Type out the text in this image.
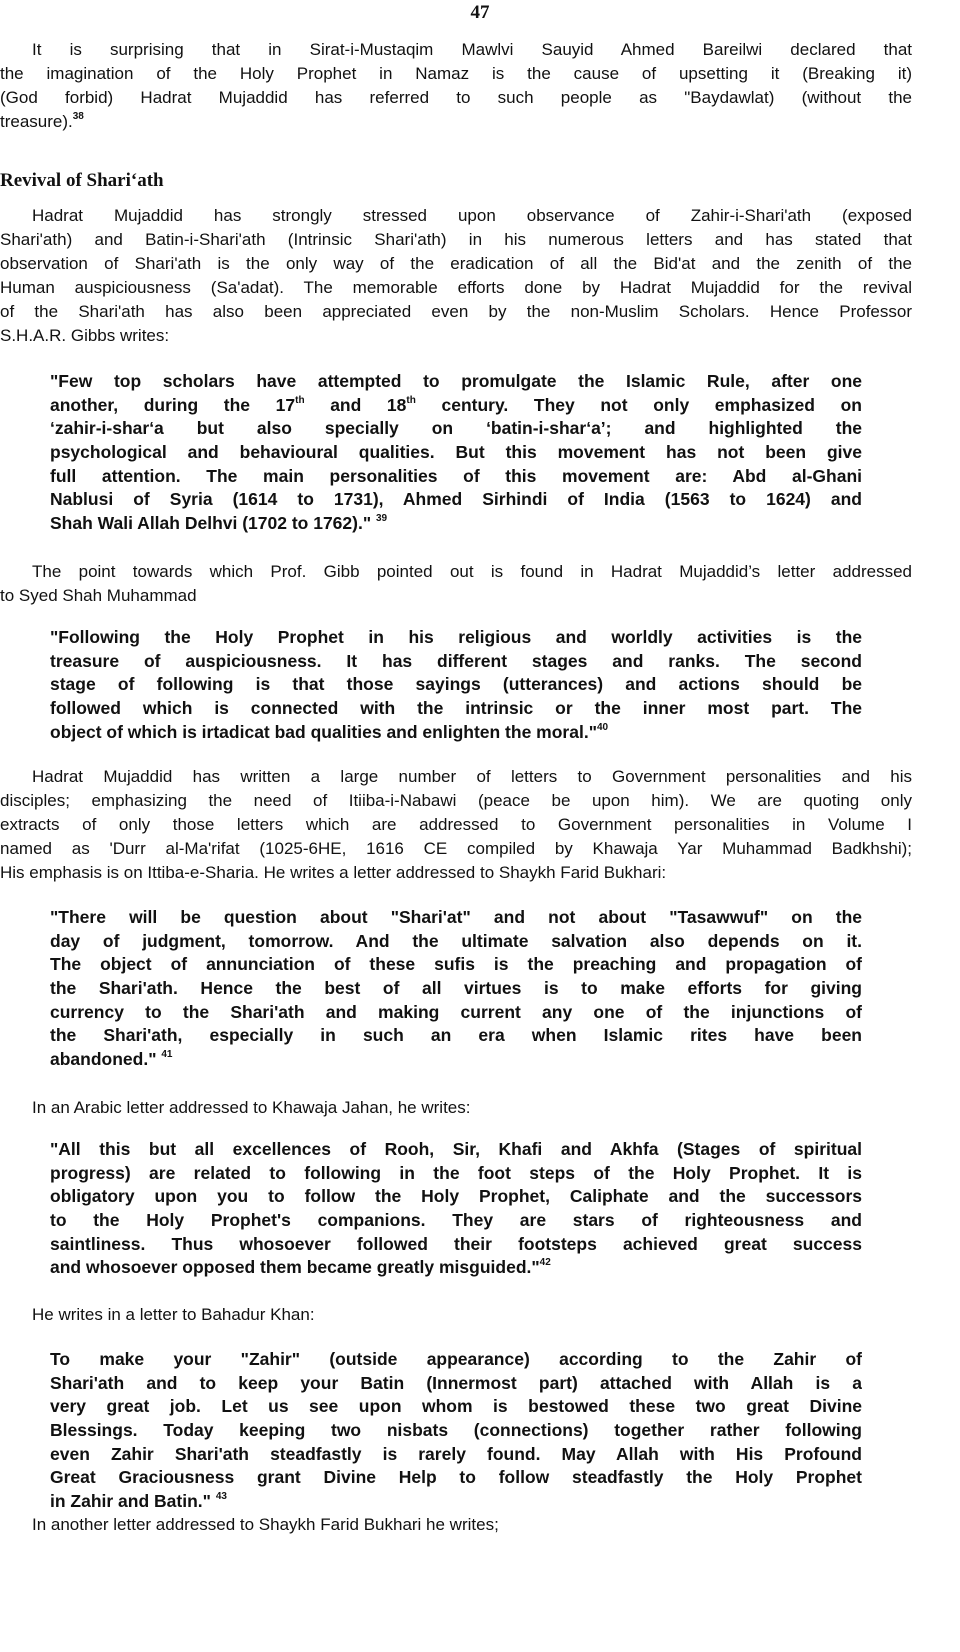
47
Revival of Shari‘ath
It is surprising that in Sirat-i-Mustaqim Mawlvi Sauyid Ahmed Bareilwi declared that
the imagination of the Holy Prophet in Namaz is the cause of upsetting it (Breaking it)
(God forbid) Hadrat Mujaddid has referred to such people as "Baydawlat) (without the
treasure).$^{38}$
Hadrat Mujaddid has strongly stressed upon observance of Zahir-i-Shari'ath (exposed
Shari'ath) and Batin-i-Shari'ath (Intrinsic Shari'ath) in his numerous letters and has stated that
observation of Shari'ath is the only way of the eradication of all the Bid'at and the zenith of the
Human auspiciousness (Sa'adat). The memorable efforts done by Hadrat Mujaddid for the revival
of the Shari'ath has also been appreciated even by the non-Muslim Scholars. Hence Professor
S.H.A.R. Gibbs writes:
"Few top scholars have attempted to promulgate the Islamic Rule, after one
another, during the 17th and 18th century. They not only emphasized on
‘zahir-i-shar‘a but also specially on ‘batin-i-shar‘a’; and highlighted the
psychological and behavioural qualities. But this movement has not been give
full attention. The main personalities of this movement are: Abd al-Ghani
Nablusi of Syria (1614 to 1731), Ahmed Sirhindi of India (1563 to 1624) and
Shah Wali Allah Delhvi (1702 to 1762)." $^{39}$
The point towards which Prof. Gibb pointed out is found in Hadrat Mujaddid’s letter addressed
to Syed Shah Muhammad
"Following the Holy Prophet in his religious and worldly activities is the
treasure of auspiciousness. It has different stages and ranks. The second
stage of following is that those sayings (utterances) and actions should be
followed which is connected with the intrinsic or the inner most part. The
object of which is irtadicat bad qualities and enlighten the moral."$^{40}$
Hadrat Mujaddid has written a large number of letters to Government personalities and his
disciples; emphasizing the need of Itiiba-i-Nabawi (peace be upon him). We are quoting only
extracts of only those letters which are addressed to Government personalities in Volume I
named as 'Durr al-Ma'rifat (1025-6HE, 1616 CE compiled by Khawaja Yar Muhammad Badkhshi);
His emphasis is on Ittiba-e-Sharia. He writes a letter addressed to Shaykh Farid Bukhari:
"There will be question about "Shari'at" and not about "Tasawwuf" on the
day of judgment, tomorrow. And the ultimate salvation also depends on it.
The object of annunciation of these sufis is the preaching and propagation of
the Shari'ath. Hence the best of all virtues is to make efforts for giving
currency to the Shari'ath and making current any one of the injunctions of
the Shari'ath, especially in such an era when Islamic rites have been
abandoned." $^{41}$
In an Arabic letter addressed to Khawaja Jahan, he writes:
"All this but all excellences of Rooh, Sir, Khafi and Akhfa (Stages of spiritual
progress) are related to following in the foot steps of the Holy Prophet. It is
obligatory upon you to follow the Holy Prophet, Caliphate and the successors
to the Holy Prophet's companions. They are stars of righteousness and
saintliness. Thus whosoever followed their footsteps achieved great success
and whosoever opposed them became greatly misguided."$^{42}$
He writes in a letter to Bahadur Khan:
To make your "Zahir" (outside appearance) according to the Zahir of
Shari'ath and to keep your Batin (Innermost part) attached with Allah is a
very great job. Let us see upon whom is bestowed these two great Divine
Blessings. Today keeping two nisbats (connections) together rather following
even Zahir Shari'ath steadfastly is rarely found. May Allah with His Profound
Great Graciousness grant Divine Help to follow steadfastly the Holy Prophet
in Zahir and Batin." $^{43}$
In another letter addressed to Shaykh Farid Bukhari he writes;
